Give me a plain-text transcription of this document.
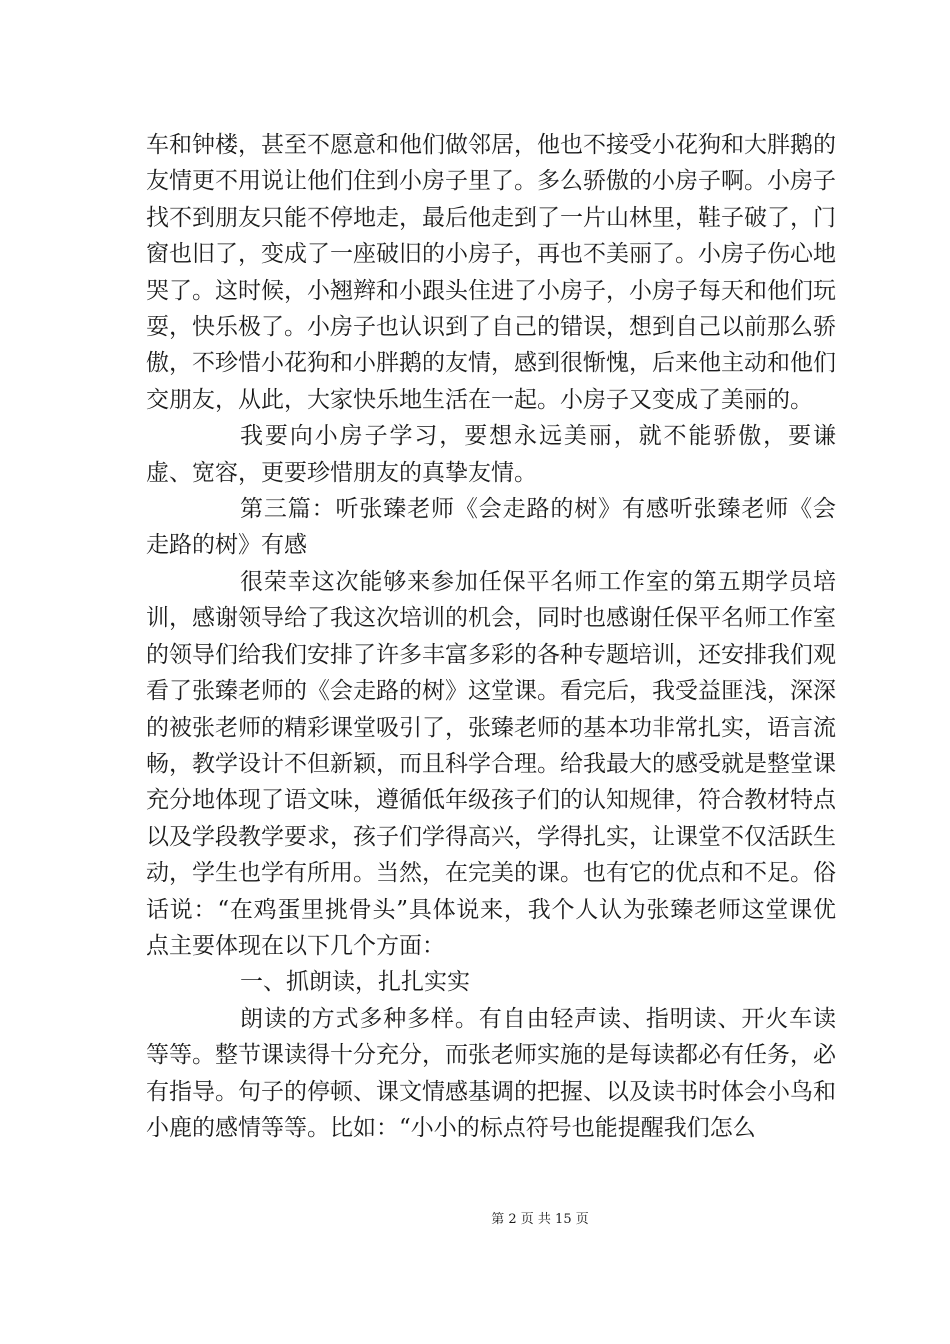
车和钟楼，甚至不愿意和他们做邻居，他也不接受小花狗和大胖鹅的友情更不用说让他们住到小房子里了。多么骄傲的小房子啊。小房子找不到朋友只能不停地走，最后他走到了一片山林里，鞋子破了，门窗也旧了，变成了一座破旧的小房子，再也不美丽了。小房子伤心地哭了。这时候，小翘辫和小跟头住进了小房子，小房子每天和他们玩耍，快乐极了。小房子也认识到了自己的错误，想到自己以前那么骄傲，不珍惜小花狗和小胖鹅的友情，感到很惭愧，后来他主动和他们交朋友，从此，大家快乐地生活在一起。小房子又变成了美丽的。

我要向小房子学习，要想永远美丽，就不能骄傲，要谦虚、宽容，更要珍惜朋友的真挚友情。

第三篇：听张臻老师《会走路的树》有感听张臻老师《会走路的树》有感

很荣幸这次能够来参加任保平名师工作室的第五期学员培训，感谢领导给了我这次培训的机会，同时也感谢任保平名师工作室的领导们给我们安排了许多丰富多彩的各种专题培训，还安排我们观看了张臻老师的《会走路的树》这堂课。看完后，我受益匪浅，深深的被张老师的精彩课堂吸引了，张臻老师的基本功非常扎实，语言流畅，教学设计不但新颖，而且科学合理。给我最大的感受就是整堂课充分地体现了语文味，遵循低年级孩子们的认知规律，符合教材特点以及学段教学要求，孩子们学得高兴，学得扎实，让课堂不仅活跃生动，学生也学有所用。当然，在完美的课。也有它的优点和不足。俗话说：“在鸡蛋里挑骨头”具体说来，我个人认为张臻老师这堂课优点主要体现在以下几个方面：

一、抓朗读，扎扎实实

朗读的方式多种多样。有自由轻声读、指明读、开火车读等等。整节课读得十分充分，而张老师实施的是每读都必有任务，必有指导。句子的停顿、课文情感基调的把握、以及读书时体会小鸟和小鹿的感情等等。比如：“小小的标点符号也能提醒我们怎么

第 2 页 共 15 页
